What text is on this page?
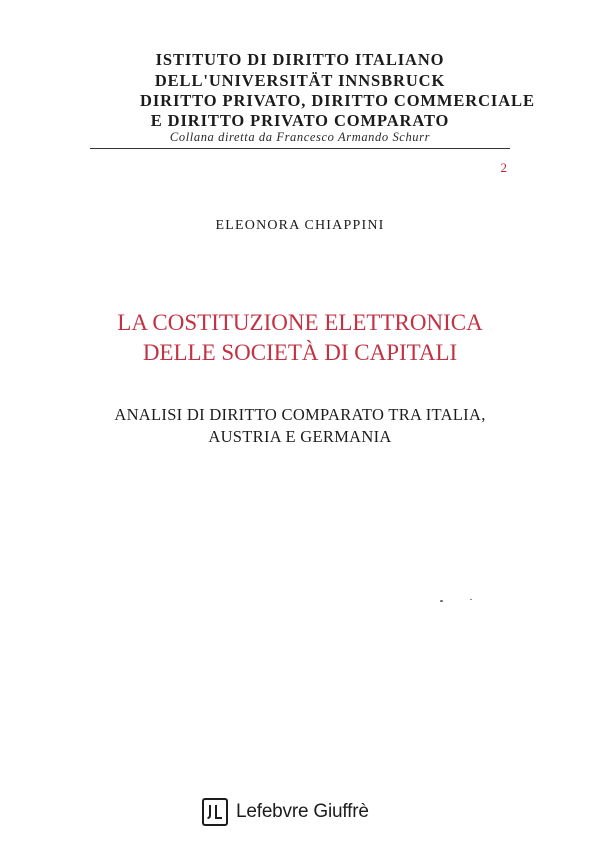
ISTITUTO DI DIRITTO ITALIANO
DELL'UNIVERSITÄT INNSBRUCK
DIRITTO PRIVATO, DIRITTO COMMERCIALE
E DIRITTO PRIVATO COMPARATO
Collana diretta da Francesco Armando Schurr
2
ELEONORA CHIAPPINI
LA COSTITUZIONE ELETTRONICA
DELLE SOCIETÀ DI CAPITALI
ANALISI DI DIRITTO COMPARATO TRA ITALIA,
AUSTRIA E GERMANIA
Lefebvre Giuffrè
